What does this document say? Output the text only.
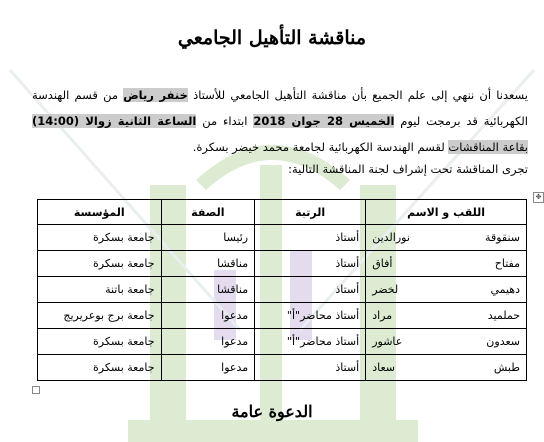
مناقشة التأهيل الجامعي
يسعدنا أن ننهي إلى علم الجميع بأن مناقشة التأهيل الجامعي للأستاذ خنفر رياض من قسم الهندسة الكهربائية قد برمجت ليوم الخميس 28 جوان 2018 ابتداء من الساعة الثانية زوالا (14:00) بقاعة المناقشات لقسم الهندسة الكهربائية لجامعة محمد خيضر بسكرة.
تجرى المناقشة تحت إشراف لجنة المناقشة التالية:
✥
اللقب و الاسم	الرتبة	الصفة	المؤسسة
سنقوقة نورالدين	أستاذ	رئيسا	جامعة بسكرة
مفتاح أفاق	أستاذ	مناقشا	جامعة بسكرة
دهيمي لخضر	أستاذ	مناقشا	جامعة باتنة
حملميد مراد	أستاذ محاضر"أ"	مدعوا	جامعة برج بوعريريج
سعدون عاشور	أستاذ محاضر"أ"	مدعوا	جامعة بسكرة
طبش سعاد	أستاذ	مدعوا	جامعة بسكرة
الدعوة عامة
